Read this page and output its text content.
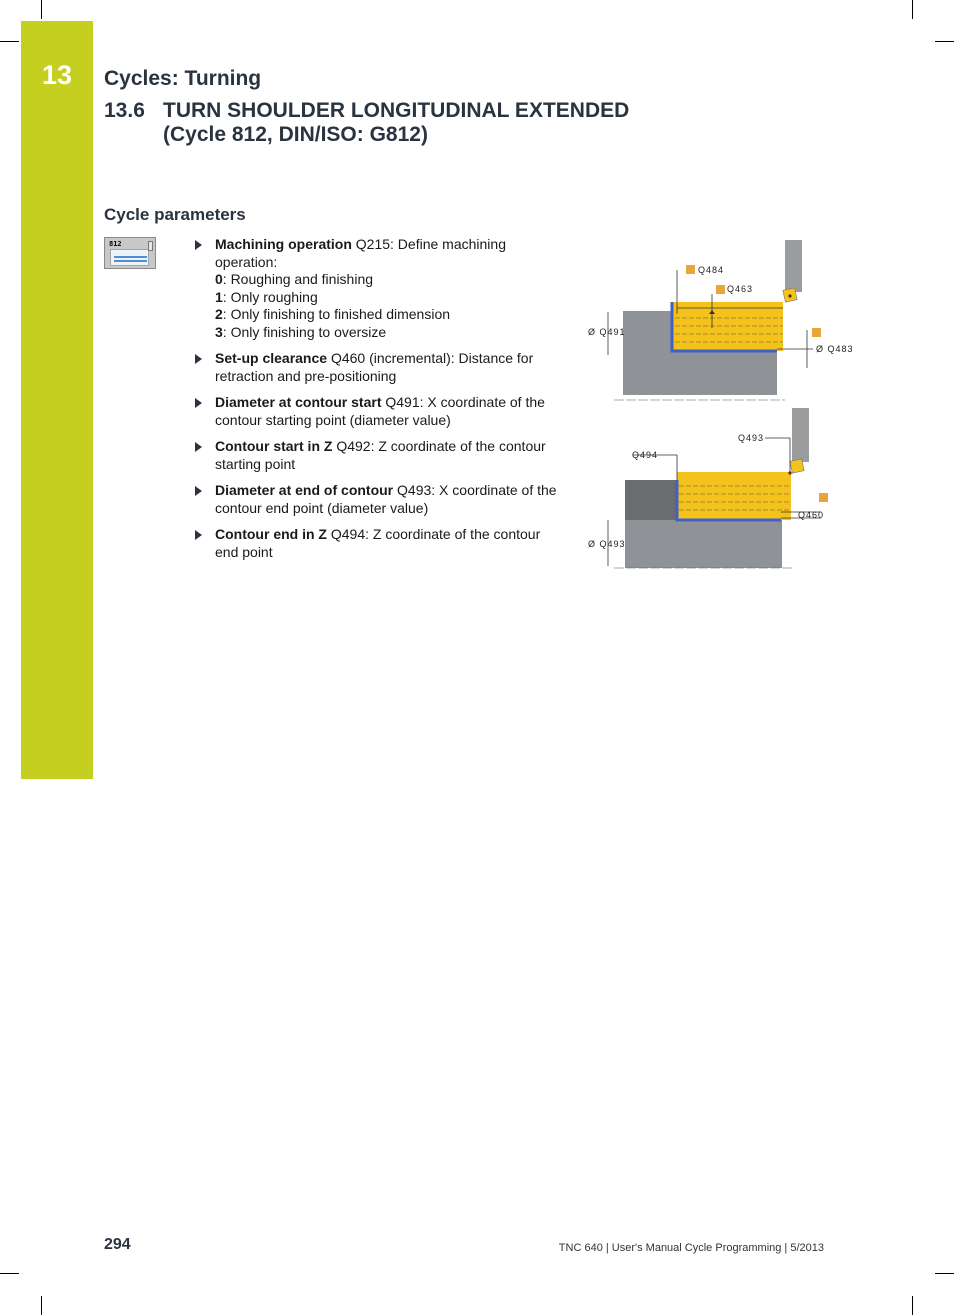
13	Cycles: Turning
13.6 TURN SHOULDER LONGITUDINAL EXTENDED
(Cycle 812, DIN/ISO: G812)
Cycle parameters
812	Machining operation Q215: Define machining operation:
0: Roughing and finishing
1: Only roughing
2: Only finishing to finished dimension
3: Only finishing to oversize
Set-up clearance Q460 (incremental): Distance for retraction and pre-positioning
Diameter at contour start Q491: X coordinate of the contour starting point (diameter value)
Contour start in Z Q492: Z coordinate of the contour starting point
Diameter at end of contour Q493: X coordinate of the contour end point (diameter value)
Contour end in Z Q494: Z coordinate of the contour end point
Q484
Q463
Ø Q491
Ø Q483
Q493
Q494
Q460
Ø Q493
294	TNC 640 | User's Manual Cycle Programming | 5/2013
